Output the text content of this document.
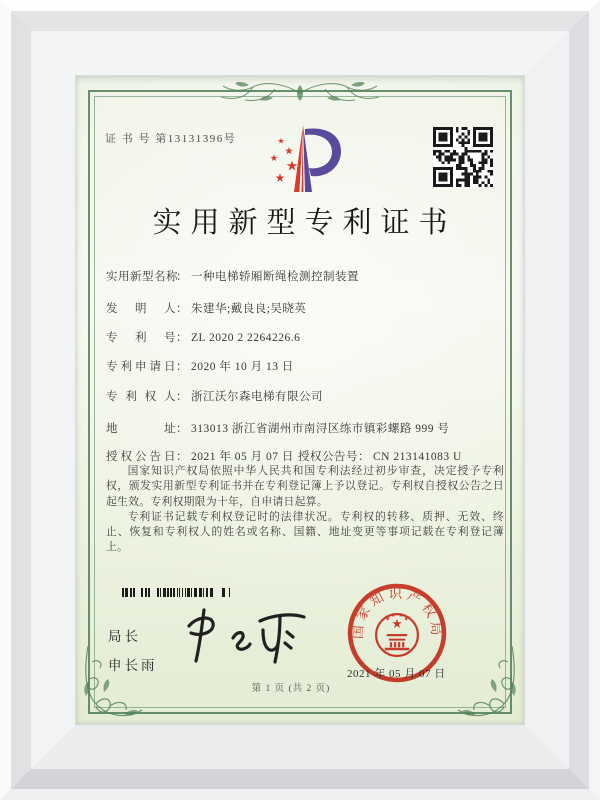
证 书 号 第13131396号
实用新型专利证书
实用新型名称： 一种电梯轿厢断绳检测控制装置
发明人： 朱建华;戴良良;吴晓英
专利号： ZL 2020 2 2264226.6
专利申请日： 2020 年 10 月 13 日
专利权人： 浙江沃尔森电梯有限公司
地址： 313013 浙江省湖州市南浔区练市镇彩螺路 999 号
授权公告日： 2021 年 05 月 07 日 授权公告号： CN 213141083 U

国家知识产权局依照中华人民共和国专利法经过初步审查，决定授予专利权，颁发实用新型专利证书并在专利登记簿上予以登记。专利权自授权公告之日起生效。专利权期限为十年，自申请日起算。

专利证书记载专利权登记时的法律状况。专利权的转移、质押、无效、终止、恢复和专利权人的姓名或名称、国籍、地址变更等事项记载在专利登记簿上。

局长
申长雨
国家知识产权局
2021 年 05 月 07 日
第 1 页 (共 2 页)
